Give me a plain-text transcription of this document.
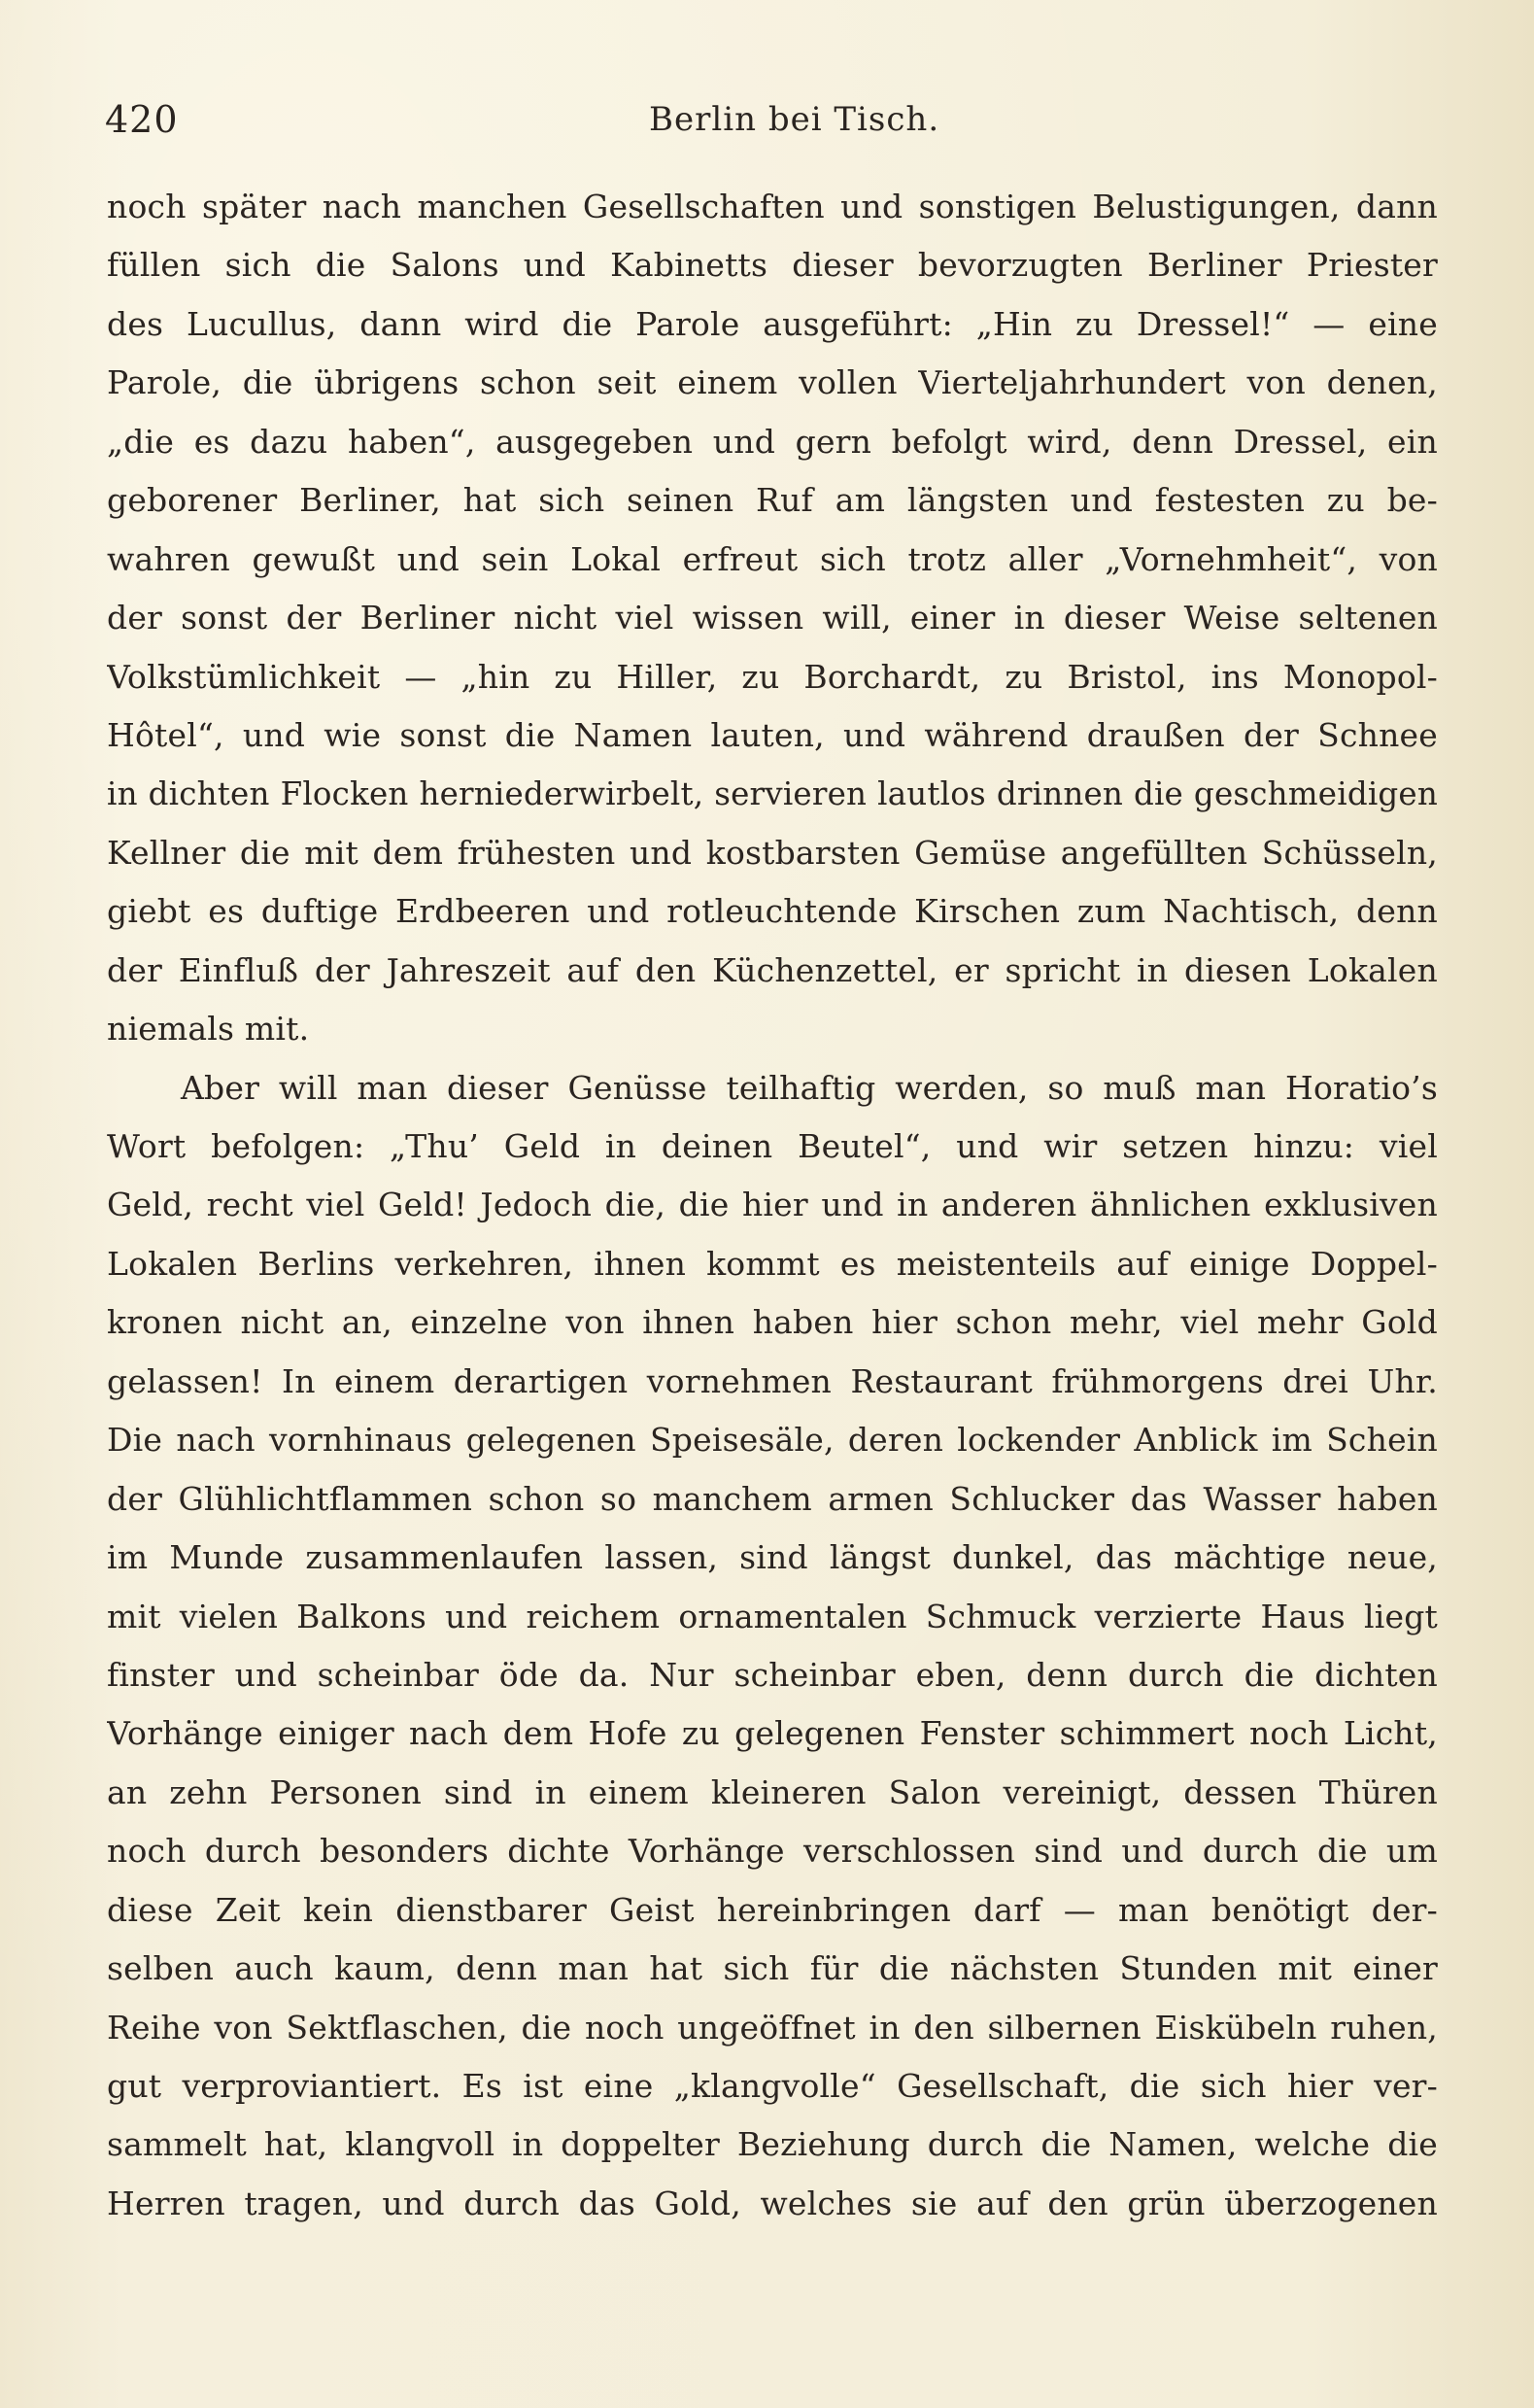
420	Berlin bei Tisch.
noch später nach manchen Gesellschaften und sonstigen Belustigungen, dann
füllen sich die Salons und Kabinetts dieser bevorzugten Berliner Priester
des Lucullus, dann wird die Parole ausgeführt: „Hin zu Dressel!“ — eine
Parole, die übrigens schon seit einem vollen Vierteljahrhundert von denen,
„die es dazu haben“, ausgegeben und gern befolgt wird, denn Dressel, ein
geborener Berliner, hat sich seinen Ruf am längsten und festesten zu be-
wahren gewußt und sein Lokal erfreut sich trotz aller „Vornehmheit“, von
der sonst der Berliner nicht viel wissen will, einer in dieser Weise seltenen
Volkstümlichkeit — „hin zu Hiller, zu Borchardt, zu Bristol, ins Monopol-
Hôtel“, und wie sonst die Namen lauten, und während draußen der Schnee
in dichten Flocken herniederwirbelt, servieren lautlos drinnen die geschmeidigen
Kellner die mit dem frühesten und kostbarsten Gemüse angefüllten Schüsseln,
giebt es duftige Erdbeeren und rotleuchtende Kirschen zum Nachtisch, denn
der Einfluß der Jahreszeit auf den Küchenzettel, er spricht in diesen Lokalen
niemals mit.
Aber will man dieser Genüsse teilhaftig werden, so muß man Horatio’s
Wort befolgen: „Thu’ Geld in deinen Beutel“, und wir setzen hinzu: viel
Geld, recht viel Geld! Jedoch die, die hier und in anderen ähnlichen exklusiven
Lokalen Berlins verkehren, ihnen kommt es meistenteils auf einige Doppel-
kronen nicht an, einzelne von ihnen haben hier schon mehr, viel mehr Gold
gelassen! In einem derartigen vornehmen Restaurant frühmorgens drei Uhr.
Die nach vornhinaus gelegenen Speisesäle, deren lockender Anblick im Schein
der Glühlichtflammen schon so manchem armen Schlucker das Wasser haben
im Munde zusammenlaufen lassen, sind längst dunkel, das mächtige neue,
mit vielen Balkons und reichem ornamentalen Schmuck verzierte Haus liegt
finster und scheinbar öde da. Nur scheinbar eben, denn durch die dichten
Vorhänge einiger nach dem Hofe zu gelegenen Fenster schimmert noch Licht,
an zehn Personen sind in einem kleineren Salon vereinigt, dessen Thüren
noch durch besonders dichte Vorhänge verschlossen sind und durch die um
diese Zeit kein dienstbarer Geist hereinbringen darf — man benötigt der-
selben auch kaum, denn man hat sich für die nächsten Stunden mit einer
Reihe von Sektflaschen, die noch ungeöffnet in den silbernen Eiskübeln ruhen,
gut verproviantiert. Es ist eine „klangvolle“ Gesellschaft, die sich hier ver-
sammelt hat, klangvoll in doppelter Beziehung durch die Namen, welche die
Herren tragen, und durch das Gold, welches sie auf den grün überzogenen
